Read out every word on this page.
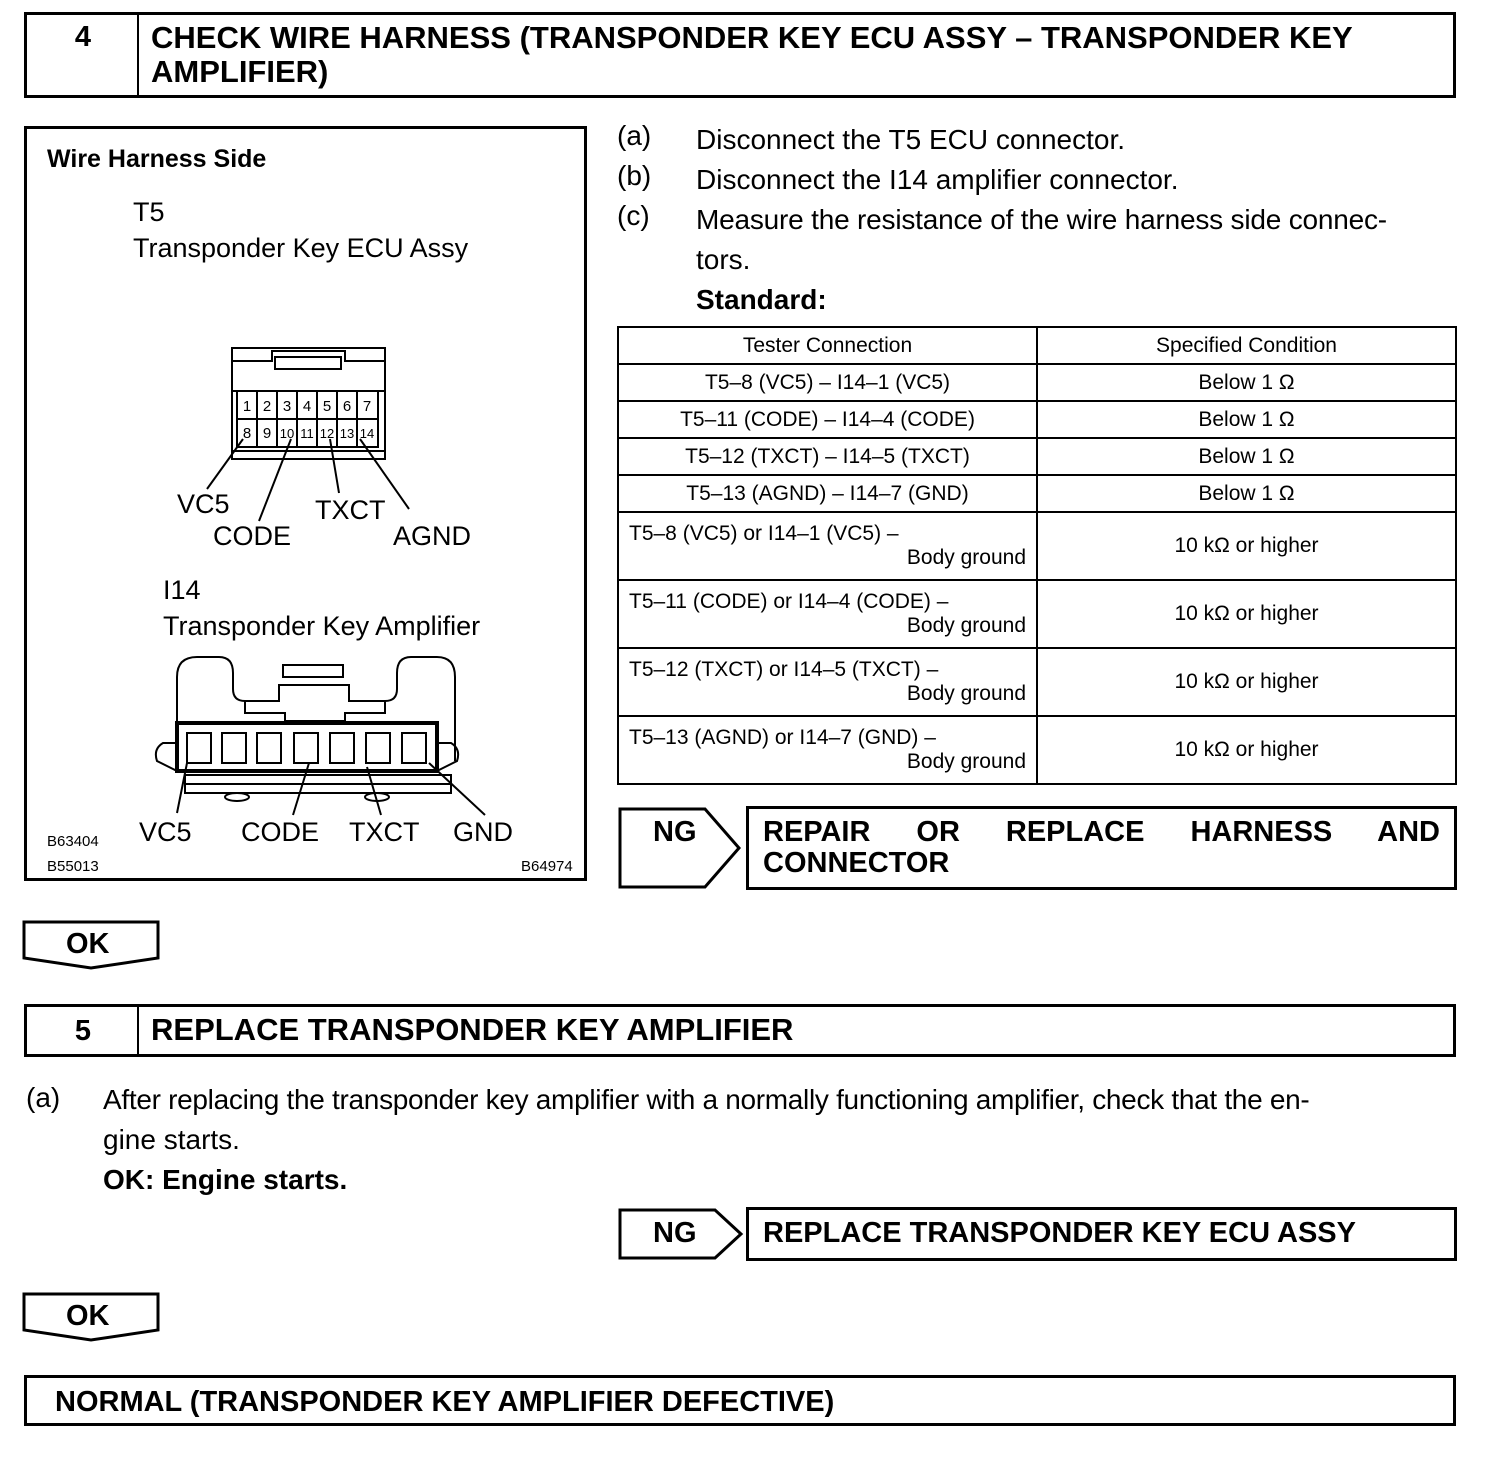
4	CHECK WIRE HARNESS (TRANSPONDER KEY ECU ASSY – TRANSPONDER KEY AMPLIFIER)
Wire Harness Side
T5
Transponder Key ECU Assy
1 2 3 4 5 6 7
8 9 10 11 12 13 14
VC5
CODE
TXCT
AGND
I14
Transponder Key Amplifier
VC5 CODE TXCT GND
B63404
B55013	B64974
(a) Disconnect the T5 ECU connector.
(b) Disconnect the I14 amplifier connector.
(c) Measure the resistance of the wire harness side connec-
tors.
Standard:
Tester Connection	Specified Condition
T5–8 (VC5) – I14–1 (VC5)	Below 1 Ω
T5–11 (CODE) – I14–4 (CODE)	Below 1 Ω
T5–12 (TXCT) – I14–5 (TXCT)	Below 1 Ω
T5–13 (AGND) – I14–7 (GND)	Below 1 Ω

T5–8 (VC5) or I14–1 (VC5) –
Body ground	10 kΩ or higher

T5–11 (CODE) or I14–4 (CODE) –
Body ground	10 kΩ or higher

T5–12 (TXCT) or I14–5 (TXCT) –
Body ground	10 kΩ or higher

T5–13 (AGND) or I14–7 (GND) –
Body ground	10 kΩ or higher
NG REPAIR OR REPLACE HARNESS AND
CONNECTOR
OK
5	REPLACE TRANSPONDER KEY AMPLIFIER
(a) After replacing the transponder key amplifier with a normally functioning amplifier, check that the en-
gine starts.
OK: Engine starts.
NG	REPLACE TRANSPONDER KEY ECU ASSY
OK
NORMAL (TRANSPONDER KEY AMPLIFIER DEFECTIVE)
